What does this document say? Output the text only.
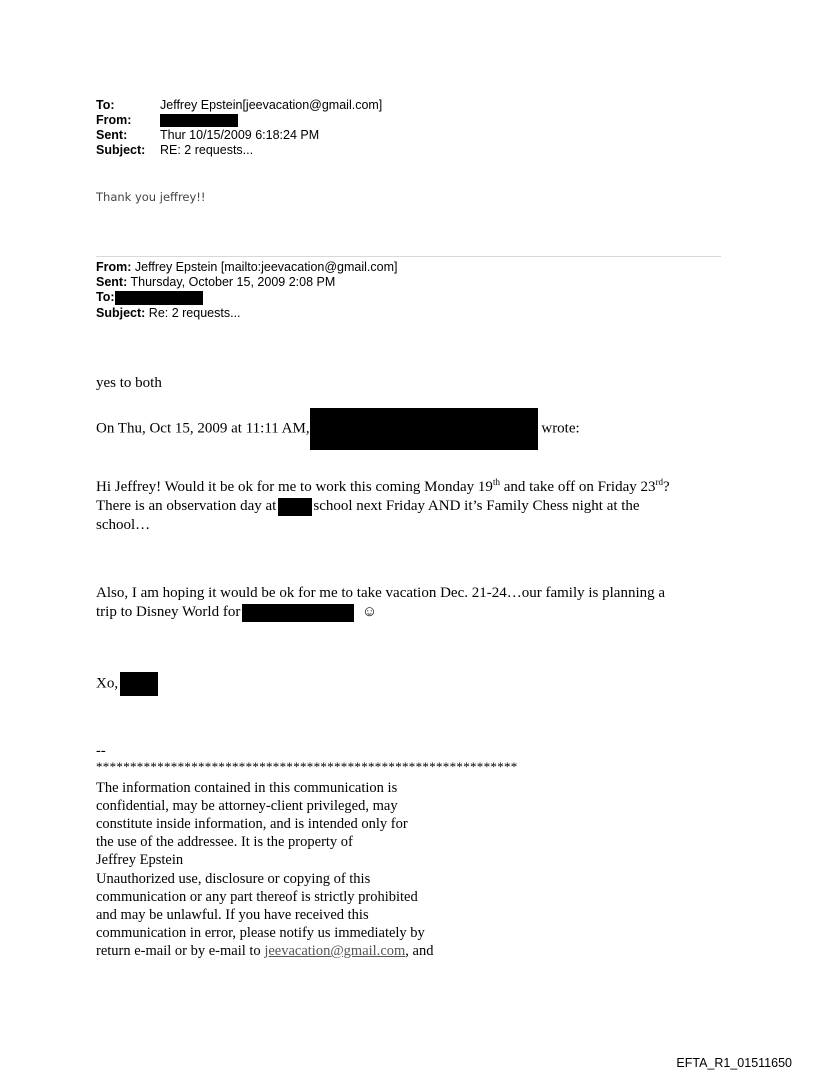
To:	Jeffrey Epstein[jeevacation@gmail.com]
From:
Sent:	Thur 10/15/2009 6:18:24 PM
Subject: RE: 2 requests...
Thank you jeffrey!!
From: Jeffrey Epstein [mailto:jeevacation@gmail.com]
Sent: Thursday, October 15, 2009 2:08 PM
To:
Subject: Re: 2 requests...
yes to both
On Thu, Oct 15, 2009 at 11:11 AM,	wrote:
Hi Jeffrey! Would it be ok for me to work this coming Monday 19th and take off on Friday 23rd?
There is an observation day at school next Friday AND it’s Family Chess night at the
school…
Also, I am hoping it would be ok for me to take vacation Dec. 21-24…our family is planning a
trip to Disney World for	☺
Xo,
--
**************************************************************
The information contained in this communication is
confidential, may be attorney-client privileged, may
constitute inside information, and is intended only for
the use of the addressee. It is the property of
Jeffrey Epstein
Unauthorized use, disclosure or copying of this
communication or any part thereof is strictly prohibited
and may be unlawful. If you have received this
communication in error, please notify us immediately by
return e-mail or by e-mail to jeevacation@gmail.com, and
EFTA_R1_01511650
